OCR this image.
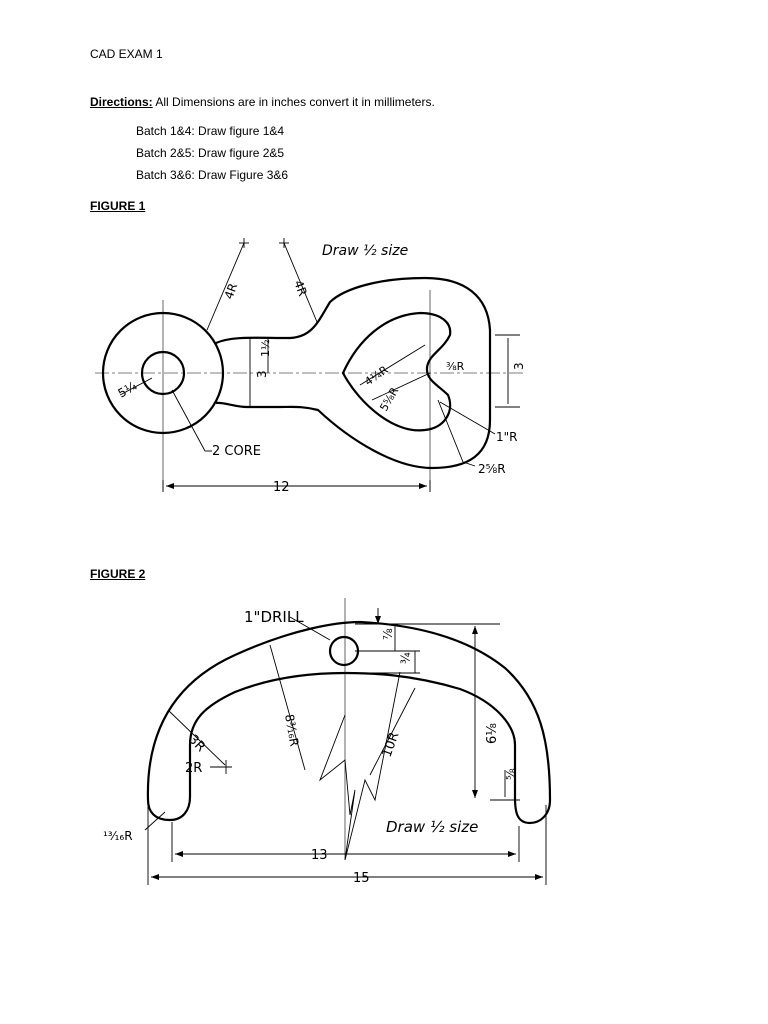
CAD EXAM 1
Directions: All Dimensions are in inches convert it in millimeters.
Batch 1&4: Draw figure 1&4
Batch 2&5: Draw figure 2&5
Batch 3&6: Draw Figure 3&6
FIGURE 1
FIGURE 2
Draw ½ size
4R	4R
5¼
2 CORE
1½
3	4¼R
5⅝R
⅜R	3
1"R
2⅝R
12
1"DRILL
⅞
¾
3R
2R
8³⁄₁₆R	10R	6⅛
⅝
¹³⁄₁₆R
13
15
Draw ½ size
